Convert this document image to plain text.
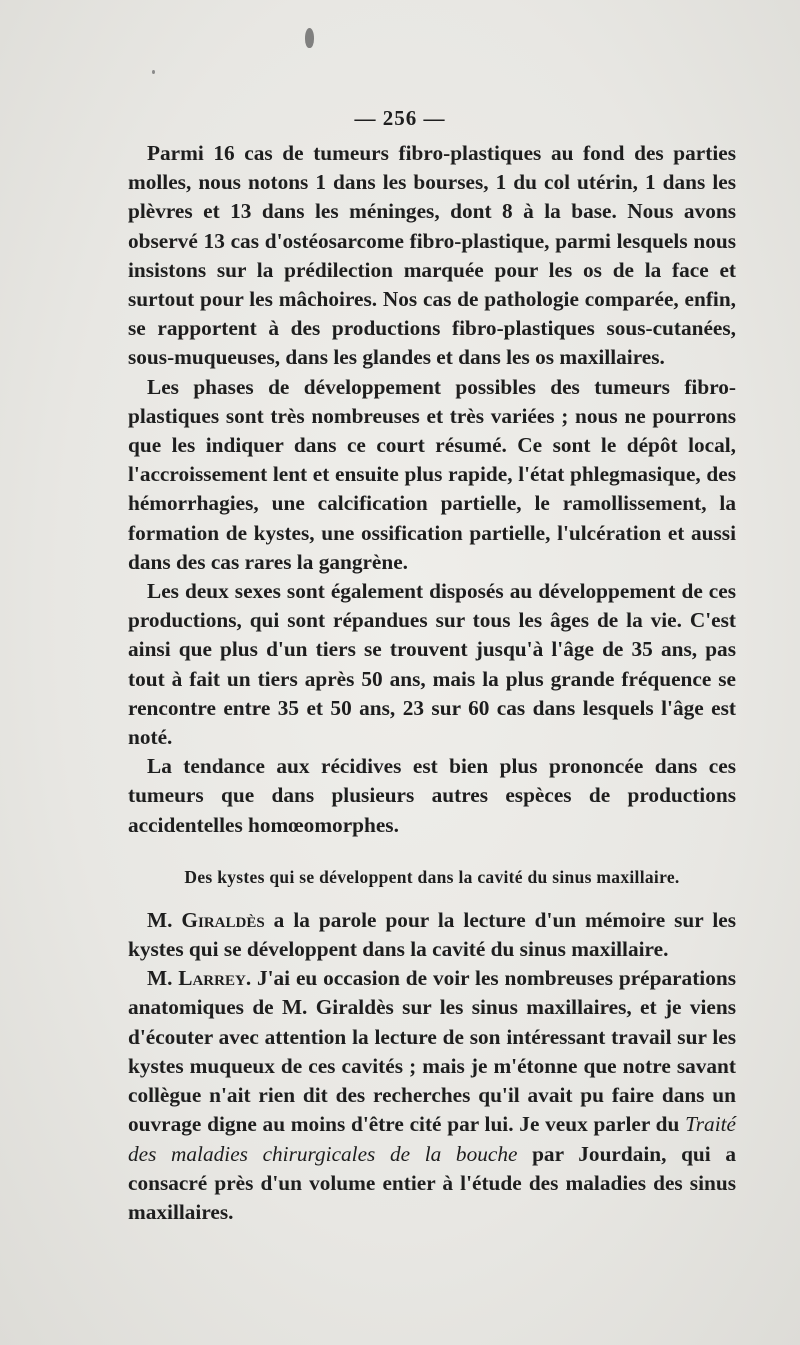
— 256 —

Parmi 16 cas de tumeurs fibro-plastiques au fond des parties molles, nous notons 1 dans les bourses, 1 du col utérin, 1 dans les plèvres et 13 dans les méninges, dont 8 à la base. Nous avons observé 13 cas d'ostéosarcome fibro-plastique, parmi lesquels nous insistons sur la prédilection marquée pour les os de la face et surtout pour les mâchoires. Nos cas de pathologie comparée, enfin, se rapportent à des productions fibro-plastiques sous-cutanées, sous-muqueuses, dans les glandes et dans les os maxillaires.

Les phases de développement possibles des tumeurs fibro-plastiques sont très nombreuses et très variées ; nous ne pourrons que les indiquer dans ce court résumé. Ce sont le dépôt local, l'accroissement lent et ensuite plus rapide, l'état phlegmasique, des hémorrhagies, une calcification partielle, le ramollissement, la formation de kystes, une ossification partielle, l'ulcération et aussi dans des cas rares la gangrène.

Les deux sexes sont également disposés au développement de ces productions, qui sont répandues sur tous les âges de la vie. C'est ainsi que plus d'un tiers se trouvent jusqu'à l'âge de 35 ans, pas tout à fait un tiers après 50 ans, mais la plus grande fréquence se rencontre entre 35 et 50 ans, 23 sur 60 cas dans lesquels l'âge est noté.

La tendance aux récidives est bien plus prononcée dans ces tumeurs que dans plusieurs autres espèces de productions accidentelles homœomorphes.

Des kystes qui se développent dans la cavité du sinus maxillaire.

M. Giraldès a la parole pour la lecture d'un mémoire sur les kystes qui se développent dans la cavité du sinus maxillaire.

M. Larrey. J'ai eu occasion de voir les nombreuses préparations anatomiques de M. Giraldès sur les sinus maxillaires, et je viens d'écouter avec attention la lecture de son intéressant travail sur les kystes muqueux de ces cavités ; mais je m'étonne que notre savant collègue n'ait rien dit des recherches qu'il avait pu faire dans un ouvrage digne au moins d'être cité par lui. Je veux parler du Traité des maladies chirurgicales de la bouche par Jourdain, qui a consacré près d'un volume entier à l'étude des maladies des sinus maxillaires.
